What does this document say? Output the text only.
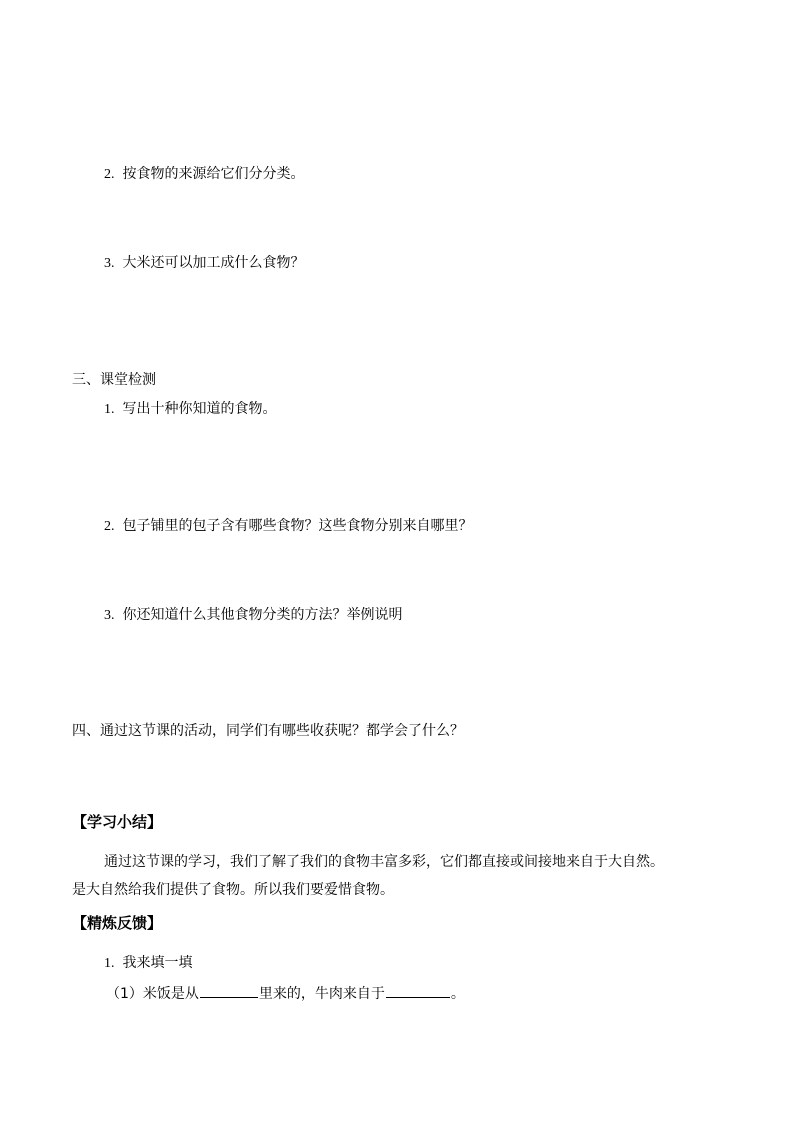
2. 按食物的来源给它们分分类。
3. 大米还可以加工成什么食物？
三、课堂检测
1. 写出十种你知道的食物。
2. 包子铺里的包子含有哪些食物？这些食物分别来自哪里？
3. 你还知道什么其他食物分类的方法？举例说明
四、通过这节课的活动，同学们有哪些收获呢？都学会了什么？
【学习小结】
通过这节课的学习，我们了解了我们的食物丰富多彩，它们都直接或间接地来自于大自然。
是大自然给我们提供了食物。所以我们要爱惜食物。
【精炼反馈】
1. 我来填一填
（1）米饭是从	里来的，牛肉来自于	。
